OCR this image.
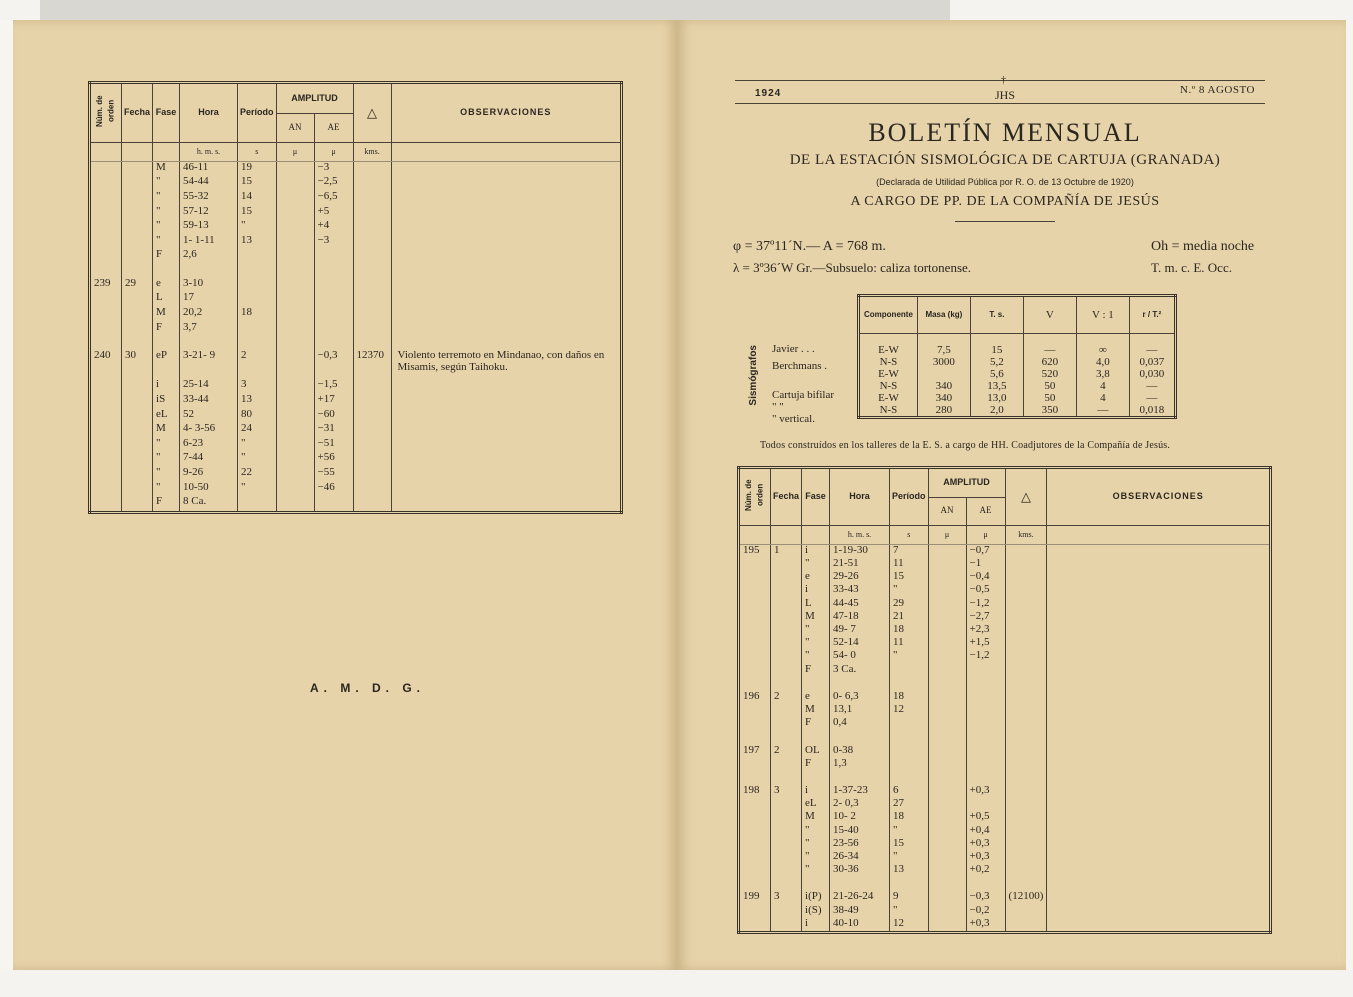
Núm. de orden	Fecha	Fase	Hora	Período	AMPLITUD		△	OBSERVACIONES
					AN	AE		
			h. m. s.	s	μ	μ	kms.	
		M	46-11	19		−3		
		"	54-44	15		−2,5		
		"	55-32	14		−6,5		
		"	57-12	15		+5		
		"	59-13	"		+4		
		"	1- 1-11	13		−3		
		F	2,6					

239	29	e	3-10					
		L	17					
		M	20,2	18				
		F	3,7					

240	30	eP	3-21- 9	2		−0,3	12370	Violento terremoto en Mindanao, con daños en Misamis, según Taihoku.
		i	25-14	3		−1,5		
		iS	33-44	13		+17		
		eL	52	80		−60		
		M	4- 3-56	24		−31		
		"	6-23	"		−51		
		"	7-44	"		+56		
		"	9-26	22		−55		
		"	10-50	"		−46		
		F	8 Ca.					

A. M. D. G.
1924
†
JHS	N.º 8 AGOSTO
BOLETÍN MENSUAL
DE LA ESTACIÓN SISMOLÓGICA DE CARTUJA (GRANADA)
(Declarada de Utilidad Pública por R. O. de 13 Octubre de 1920)
A CARGO DE PP. DE LA COMPAÑÍA DE JESÚS
φ = 37º11´N.— A = 768 m.
λ = 3º36´W Gr.—Subsuelo: caliza tortonense.
Oh = media noche
T. m. c. E. Occ.
Sismógrafos Javier . . .
Berchmans .
Cartuja bifilar
" "
" vertical.
Componente	Masa (kg)	T. s.	V	V : 1	r / T.²
E-W	7,5	15	—	∞	—
N-S	3000	5,2	620	4,0	0,037
E-W		5,6	520	3,8	0,030
N-S	340	13,5	50	4	—
E-W	340	13,0	50	4	—
N-S	280	2,0	350	—	0,018
Todos construídos en los talleres de la E. S. a cargo de HH. Coadjutores de la Compañía de Jesús.
Núm. de orden	Fecha	Fase	Hora	Período	AMPLITUD		△	OBSERVACIONES
					AN	AE		
			h. m. s.	s	μ	μ	kms.	
195	1	i	1-19-30	7		−0,7		
		"	21-51	11		−1		
		e	29-26	15		−0,4		
		i	33-43	"		−0,5		
		L	44-45	29		−1,2		
		M	47-18	21		−2,7		
		"	49- 7	18		+2,3		
		"	52-14	11		+1,5		
		"	54- 0	"		−1,2		
		F	3 Ca.					

196	2	e	0- 6,3	18				
		M	13,1	12				
		F	0,4					

197	2	OL	0-38					
		F	1,3					

198	3	i	1-37-23	6		+0,3		
		eL	2- 0,3	27				
		M	10- 2	18		+0,5		
		"	15-40	"		+0,4		
		"	23-56	15		+0,3		
		"	26-34	"		+0,3		
		"	30-36	13		+0,2		

199	3	i(P)	21-26-24	9		−0,3	(12100)	
		i(S)	38-49	"		−0,2		
		i	40-10	12		+0,3		
